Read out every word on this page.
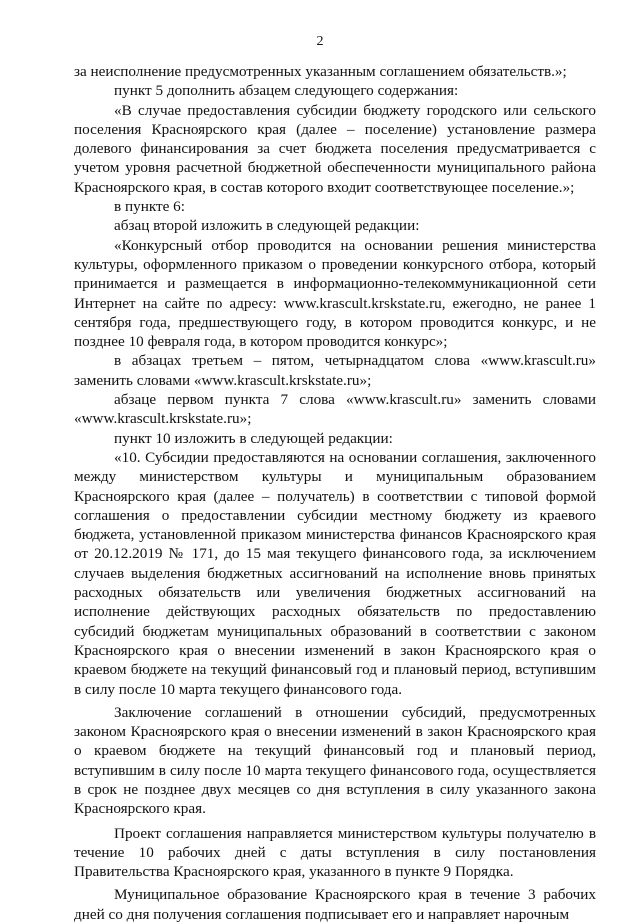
2

за неисполнение предусмотренных указанным соглашением обязательств.»;

пункт 5 дополнить абзацем следующего содержания:

«В случае предоставления субсидии бюджету городского или сельского поселения Красноярского края (далее – поселение) установление размера долевого финансирования за счет бюджета поселения предусматривается с учетом уровня расчетной бюджетной обеспеченности муниципального района Красноярского края, в состав которого входит соответствующее поселение.»;

в пункте 6:

абзац второй изложить в следующей редакции:

«Конкурсный отбор проводится на основании решения министерства культуры, оформленного приказом о проведении конкурсного отбора, который принимается и размещается в информационно-телекоммуникационной сети Интернет на сайте по адресу: www.krascult.krskstate.ru, ежегодно, не ранее 1 сентября года, предшествующего году, в котором проводится конкурс, и не позднее 10 февраля года, в котором проводится конкурс»;

в абзацах третьем – пятом, четырнадцатом слова «www.krascult.ru» заменить словами «www.krascult.krskstate.ru»;

абзаце первом пункта 7 слова «www.krascult.ru» заменить словами «www.krascult.krskstate.ru»;

пункт 10 изложить в следующей редакции:

«10. Субсидии предоставляются на основании соглашения, заключенного между министерством культуры и муниципальным образованием Красноярского края (далее – получатель) в соответствии с типовой формой соглашения о предоставлении субсидии местному бюджету из краевого бюджета, установленной приказом министерства финансов Красноярского края от 20.12.2019 № 171, до 15 мая текущего финансового года, за исключением случаев выделения бюджетных ассигнований на исполнение вновь принятых расходных обязательств или увеличения бюджетных ассигнований на исполнение действующих расходных обязательств по предоставлению субсидий бюджетам муниципальных образований в соответствии с законом Красноярского края о внесении изменений в закон Красноярского края о краевом бюджете на текущий финансовый год и плановый период, вступившим в силу после 10 марта текущего финансового года.

Заключение соглашений в отношении субсидий, предусмотренных законом Красноярского края о внесении изменений в закон Красноярского края о краевом бюджете на текущий финансовый год и плановый период, вступившим в силу после 10 марта текущего финансового года, осуществляется в срок не позднее двух месяцев со дня вступления в силу указанного закона Красноярского края.

Проект соглашения направляется министерством культуры получателю в течение 10 рабочих дней с даты вступления в силу постановления Правительства Красноярского края, указанного в пункте 9 Порядка.

Муниципальное образование Красноярского края в течение 3 рабочих дней со дня получения соглашения подписывает его и направляет нарочным
